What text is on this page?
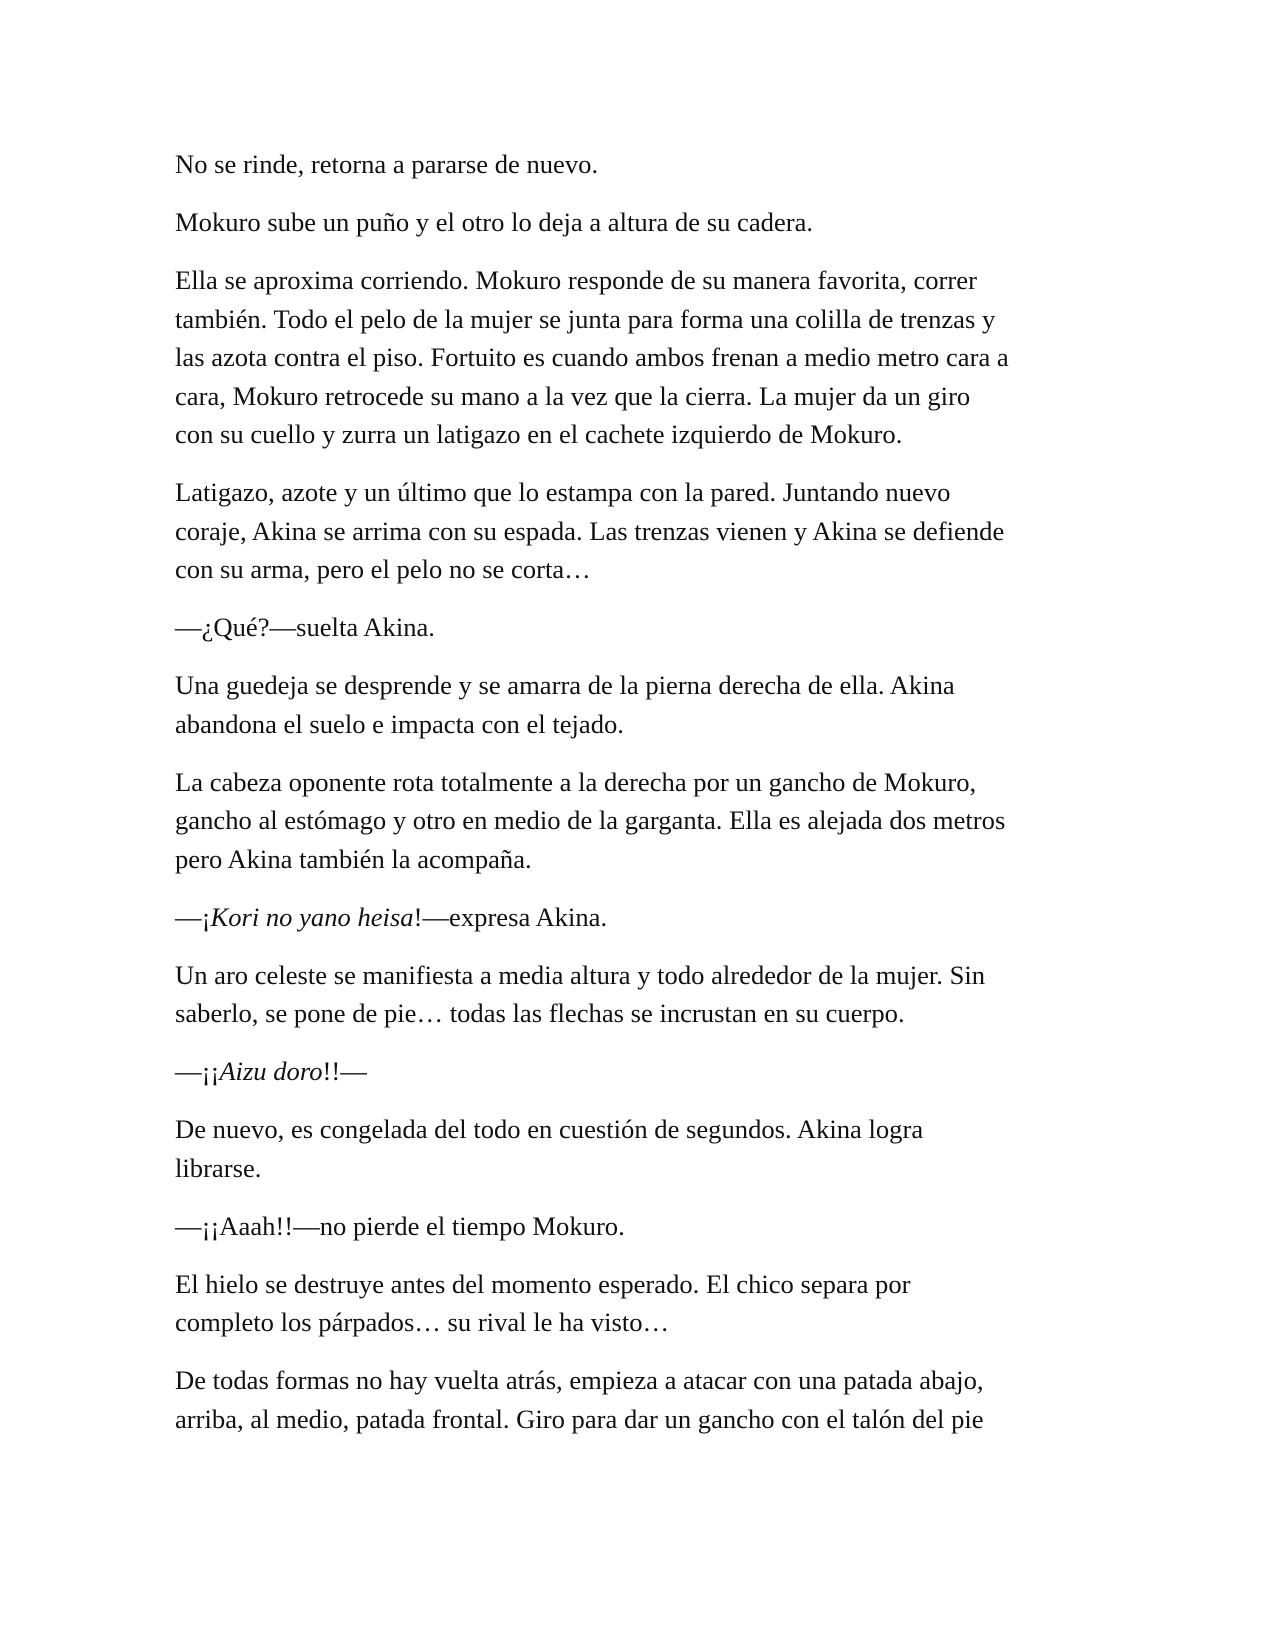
No se rinde, retorna a pararse de nuevo.

Mokuro sube un puño y el otro lo deja a altura de su cadera.

Ella se aproxima corriendo. Mokuro responde de su manera favorita, correr
también. Todo el pelo de la mujer se junta para forma una colilla de trenzas y
las azota contra el piso. Fortuito es cuando ambos frenan a medio metro cara a
cara, Mokuro retrocede su mano a la vez que la cierra. La mujer da un giro
con su cuello y zurra un latigazo en el cachete izquierdo de Mokuro.

Latigazo, azote y un último que lo estampa con la pared. Juntando nuevo
coraje, Akina se arrima con su espada. Las trenzas vienen y Akina se defiende
con su arma, pero el pelo no se corta…

—¿Qué?—suelta Akina.

Una guedeja se desprende y se amarra de la pierna derecha de ella. Akina
abandona el suelo e impacta con el tejado.

La cabeza oponente rota totalmente a la derecha por un gancho de Mokuro,
gancho al estómago y otro en medio de la garganta. Ella es alejada dos metros
pero Akina también la acompaña.

—¡Kori no yano heisa!—expresa Akina.

Un aro celeste se manifiesta a media altura y todo alrededor de la mujer. Sin
saberlo, se pone de pie… todas las flechas se incrustan en su cuerpo.

—¡¡Aizu doro!!—

De nuevo, es congelada del todo en cuestión de segundos. Akina logra
librarse.

—¡¡Aaah!!—no pierde el tiempo Mokuro.

El hielo se destruye antes del momento esperado. El chico separa por
completo los párpados… su rival le ha visto…

De todas formas no hay vuelta atrás, empieza a atacar con una patada abajo,
arriba, al medio, patada frontal. Giro para dar un gancho con el talón del pie
